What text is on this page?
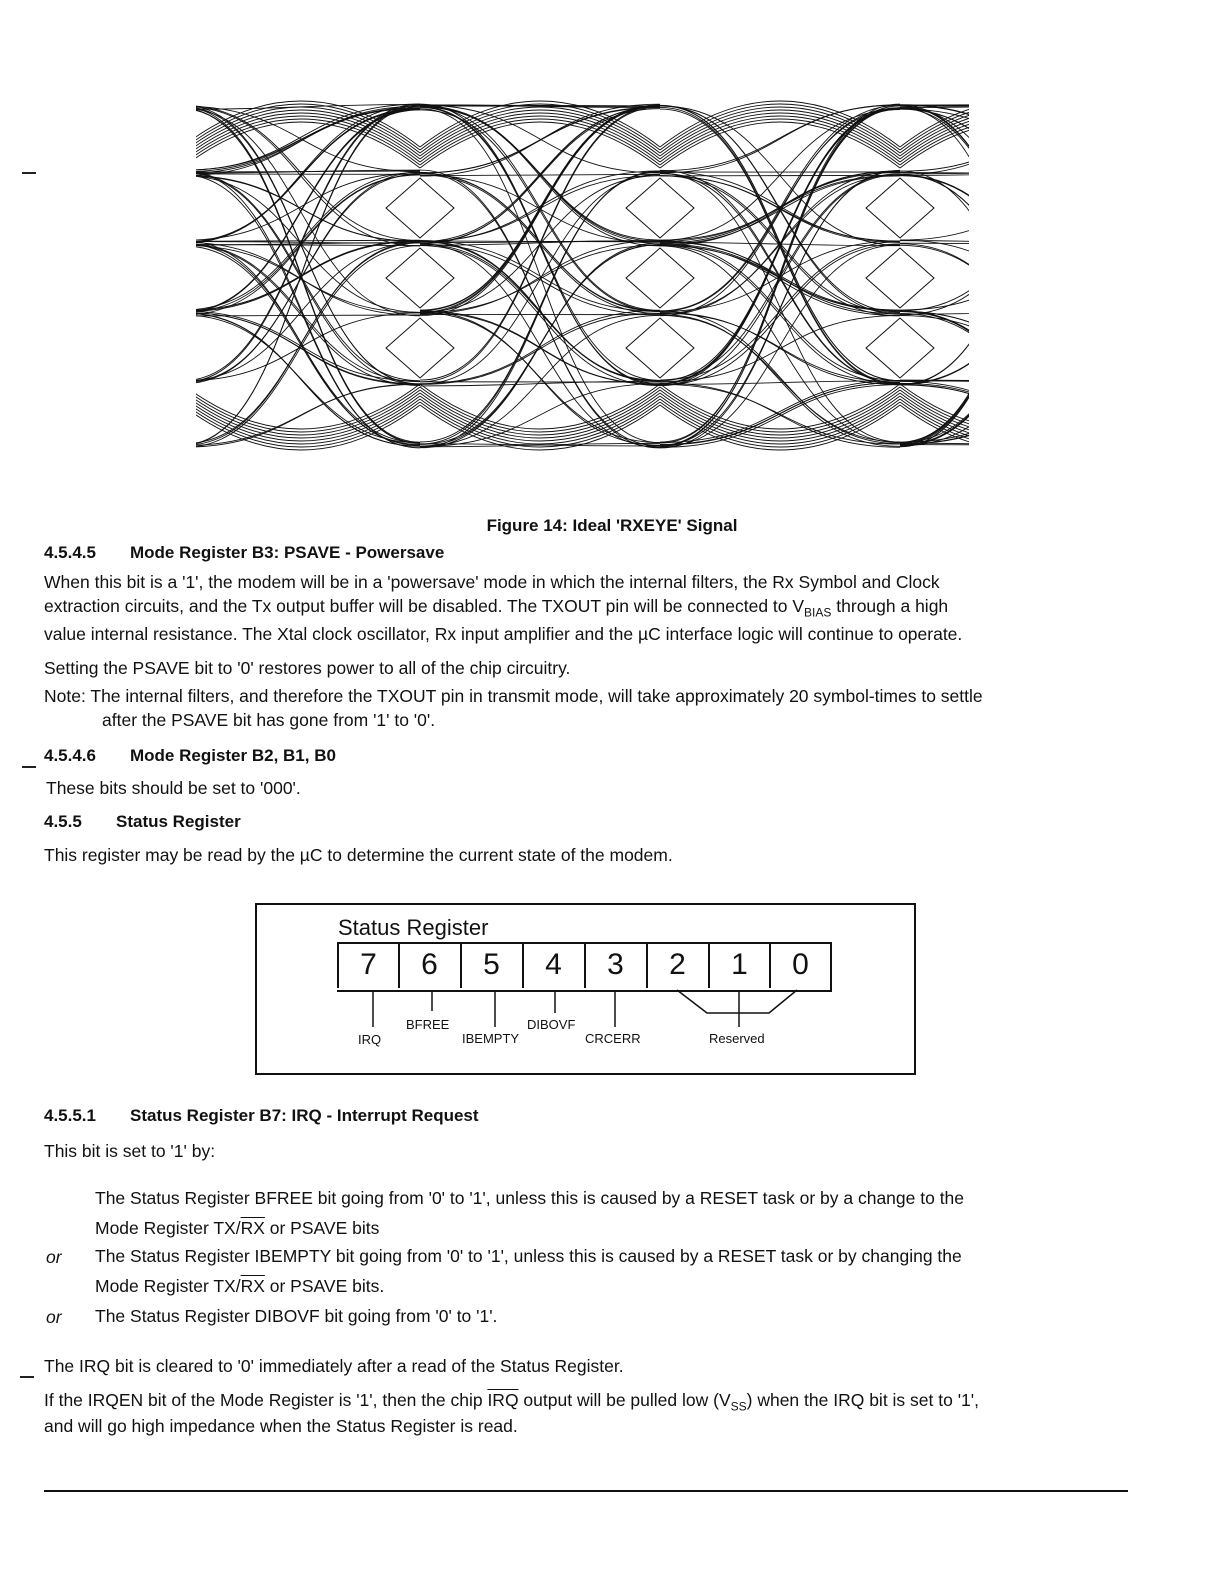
Figure 14: Ideal 'RXEYE' Signal

4.5.4.5 Mode Register B3: PSAVE - Powersave

When this bit is a '1', the modem will be in a 'powersave' mode in which the internal filters, the Rx Symbol and Clock

extraction circuits, and the Tx output buffer will be disabled. The TXOUT pin will be connected to $V_{BIAS}$ through a high

value internal resistance. The Xtal clock oscillator, Rx input amplifier and the µC interface logic will continue to operate.

Setting the PSAVE bit to '0' restores power to all of the chip circuitry.

Note: The internal filters, and therefore the TXOUT pin in transmit mode, will take approximately 20 symbol-times to settle

after the PSAVE bit has gone from '1' to '0'.

4.5.4.6 Mode Register B2, B1, B0

These bits should be set to '000'.

4.5.5 Status Register

This register may be read by the µC to determine the current state of the modem.

Status Register
7	6	5	4	3	2	1	0
IRQ
BFREE
IBEMPTY
DIBOVF
CRCERR	Reserved

4.5.5.1 Status Register B7: IRQ - Interrupt Request

This bit is set to '1' by:

The Status Register BFREE bit going from '0' to '1', unless this is caused by a RESET task or by a change to the
Mode Register $TX/\overline{RX}$ or PSAVE bits

or The Status Register IBEMPTY bit going from '0' to '1', unless this is caused by a RESET task or by changing the
Mode Register $TX/\overline{RX}$ or PSAVE bits.

or The Status Register DIBOVF bit going from '0' to '1'.

The IRQ bit is cleared to '0' immediately after a read of the Status Register.

If the IRQEN bit of the Mode Register is '1', then the chip $\overline{IRQ}$ output will be pulled low $(V_{SS})$ when the IRQ bit is set to '1',

and will go high impedance when the Status Register is read.
